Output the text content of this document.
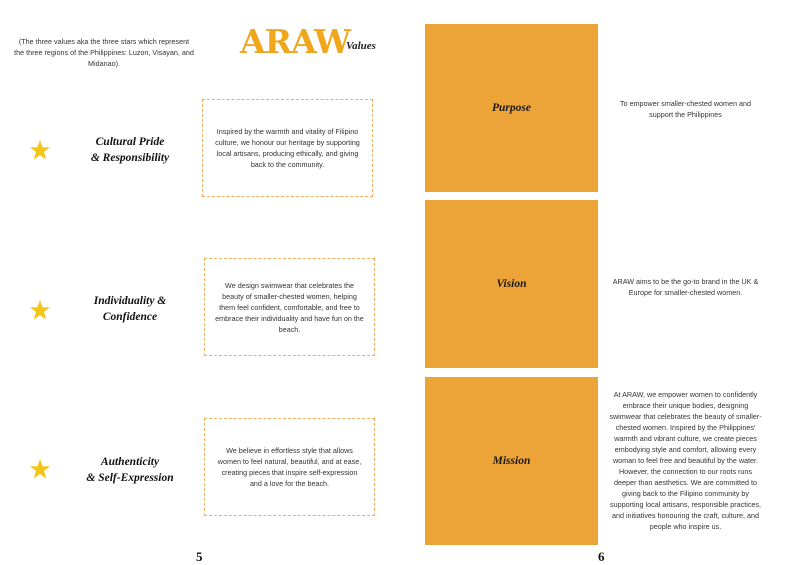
(The three values aka the three stars which represent the three regions of the Philippines: Luzon, Visayan, and Midanao).
ARAW
Values
Cultural Pride
& Responsibility
Inspired by the warmth and vitality of Filipino culture, we honour our heritage by supporting local artisans, producing ethically, and giving back to the community.
Individuality &
Confidence
We design swimwear that celebrates the beauty of smaller-chested women, helping them feel confident, comfortable, and free to embrace their individuality and have fun on the beach.
Authenticity
& Self-Expression
We believe in effortless style that allows women to feel natural, beautiful, and at ease, creating pieces that inspire self-expression and a love for the beach.
5
Purpose	To empower smaller-chested women and support the Philippines
Vision	ARAW aims to be the go-to brand in the UK & Europe for smaller-chested women.
Mission
At ARAW, we empower women to confidently embrace their unique bodies, designing swimwear that celebrates the beauty of smaller-chested women. Inspired by the Philippines' warmth and vibrant culture, we create pieces embodying style and comfort, allowing every woman to feel free and beautiful by the water. However, the connection to our roots runs deeper than aesthetics. We are committed to giving back to the Filipino community by supporting local artisans, responsible practices, and initiatives honouring the craft, culture, and people who inspire us.
6
